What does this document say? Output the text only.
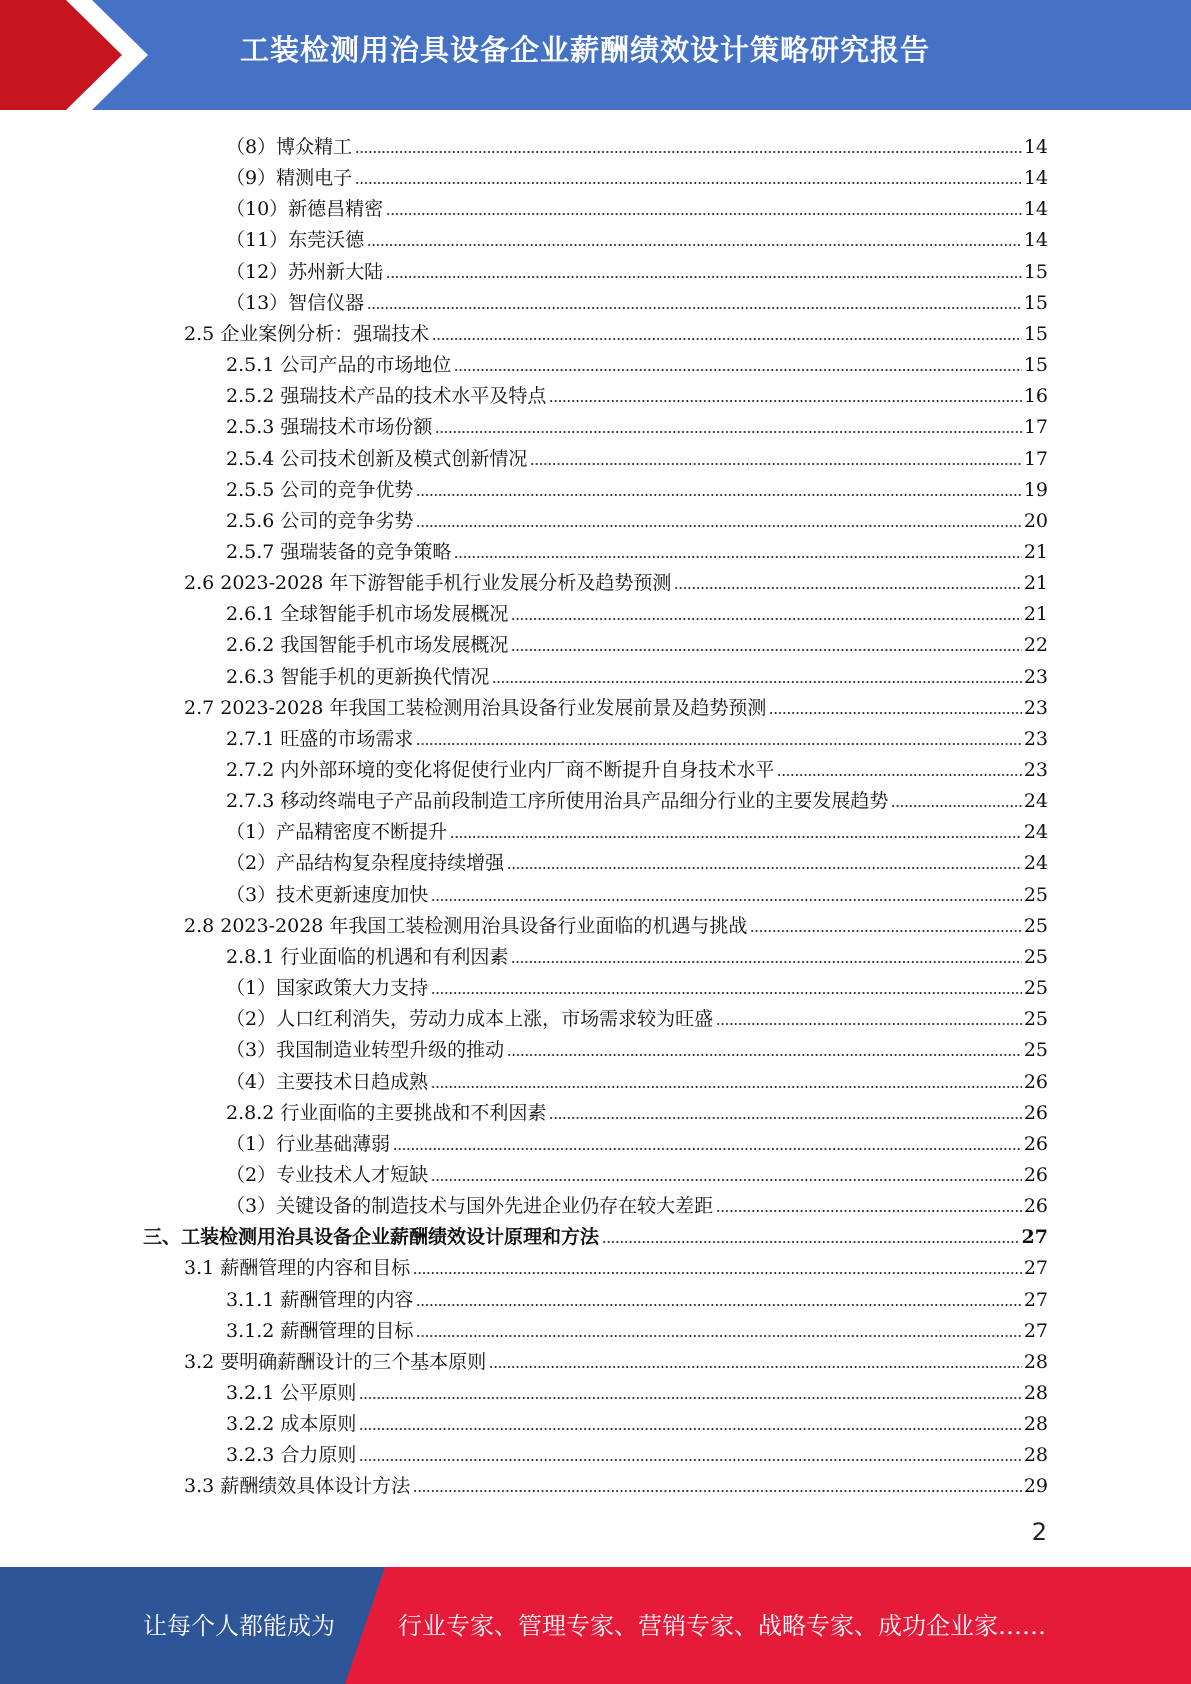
工装检测用治具设备企业薪酬绩效设计策略研究报告
（8）博众精工	14
（9）精测电子	14
（10）新德昌精密	14
（11）东莞沃德	14
（12）苏州新大陆	15
（13）智信仪器	15
2.5 企业案例分析：强瑞技术	15
2.5.1 公司产品的市场地位	15
2.5.2 强瑞技术产品的技术水平及特点	16
2.5.3 强瑞技术市场份额	17
2.5.4 公司技术创新及模式创新情况	17
2.5.5 公司的竞争优势	19
2.5.6 公司的竞争劣势	20
2.5.7 强瑞装备的竞争策略	21
2.6 2023-2028 年下游智能手机行业发展分析及趋势预测	21
2.6.1 全球智能手机市场发展概况	21
2.6.2 我国智能手机市场发展概况	22
2.6.3 智能手机的更新换代情况	23
2.7 2023-2028 年我国工装检测用治具设备行业发展前景及趋势预测	23
2.7.1 旺盛的市场需求	23
2.7.2 内外部环境的变化将促使行业内厂商不断提升自身技术水平	23
2.7.3 移动终端电子产品前段制造工序所使用治具产品细分行业的主要发展趋势	24
（1）产品精密度不断提升	24
（2）产品结构复杂程度持续增强	24
（3）技术更新速度加快	25
2.8 2023-2028 年我国工装检测用治具设备行业面临的机遇与挑战	25
2.8.1 行业面临的机遇和有利因素	25
（1）国家政策大力支持	25
（2）人口红利消失，劳动力成本上涨，市场需求较为旺盛	25
（3）我国制造业转型升级的推动	25
（4）主要技术日趋成熟	26
2.8.2 行业面临的主要挑战和不利因素	26
（1）行业基础薄弱	26
（2）专业技术人才短缺	26
（3）关键设备的制造技术与国外先进企业仍存在较大差距	26
三、工装检测用治具设备企业薪酬绩效设计原理和方法	27
3.1 薪酬管理的内容和目标	27
3.1.1 薪酬管理的内容	27
3.1.2 薪酬管理的目标	27
3.2 要明确薪酬设计的三个基本原则	28
3.2.1 公平原则	28
3.2.2 成本原则	28
3.2.3 合力原则	28
3.3 薪酬绩效具体设计方法	29
2
让每个人都能成为	行业专家、管理专家、营销专家、战略专家、成功企业家……
